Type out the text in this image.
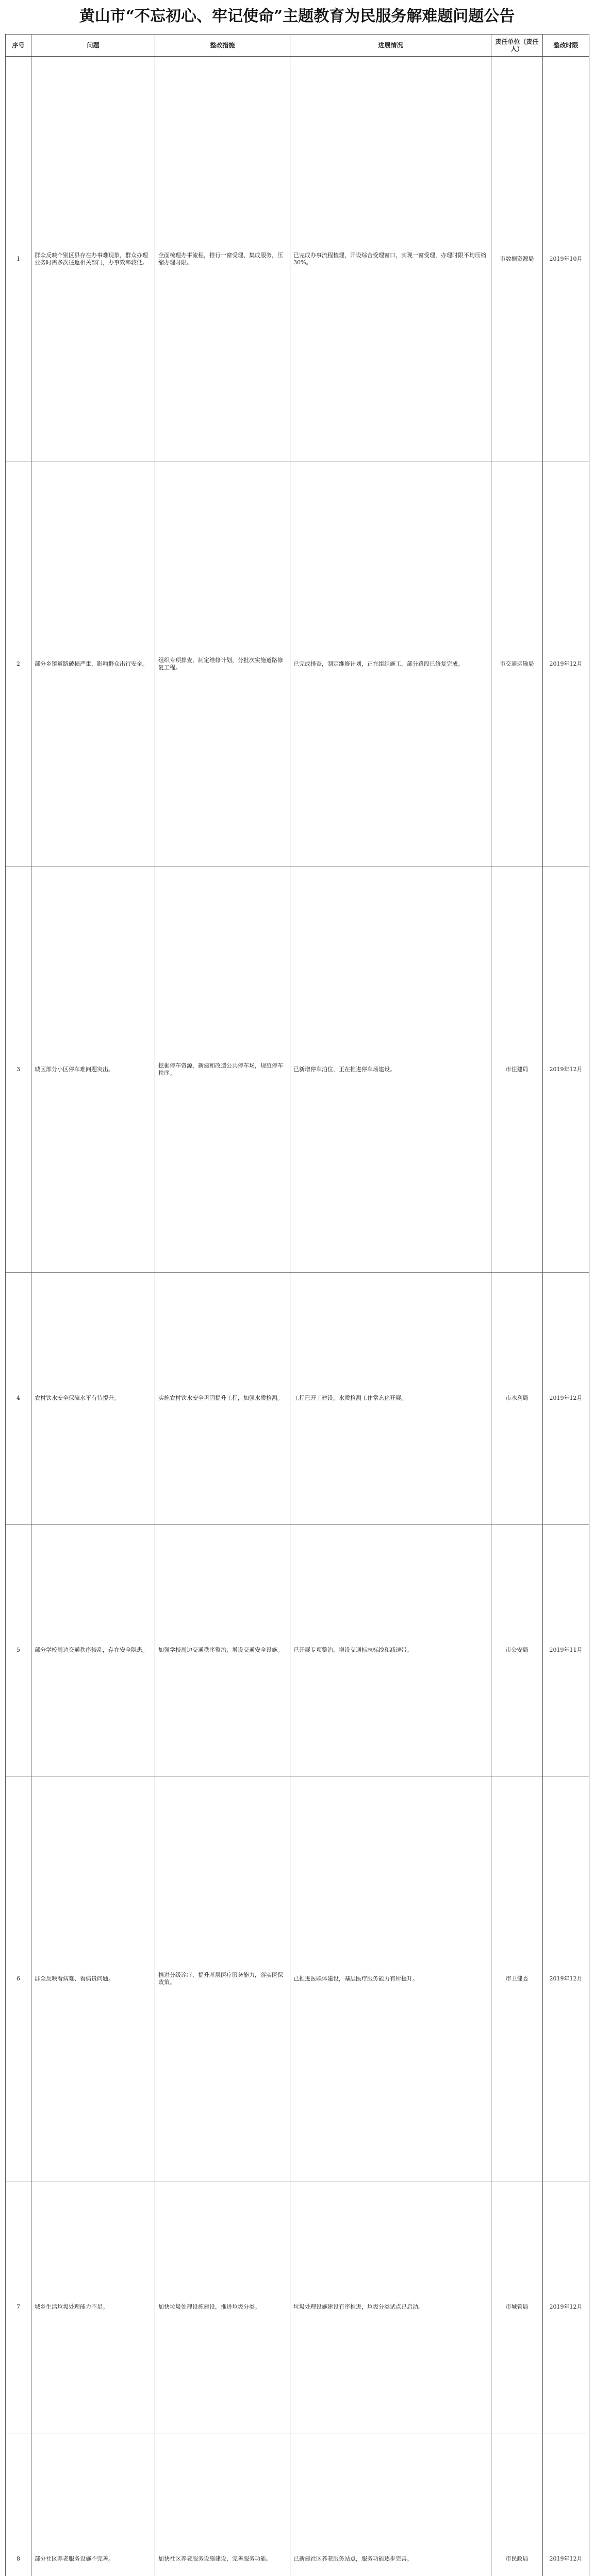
黄山市“不忘初心、牢记使命”主题教育为民服务解难题问题公告
序号	问题	整改措施	进展情况	责任单位（责任人）	整改时限
1	群众反映个别区县存在办事难现象，群众办理业务时需多次往返相关部门，办事效率较低。	全面梳理办事流程，推行一窗受理、集成服务，压缩办理时限。	已完成办事流程梳理，开设综合受理窗口，实现一窗受理，办理时限平均压缩30%。	市数据资源局	2019年10月
2	部分乡镇道路破损严重，影响群众出行安全。	组织专项排查，制定维修计划，分批次实施道路修复工程。	已完成排查，制定维修计划，正在组织施工，部分路段已修复完成。	市交通运输局	2019年12月
3	城区部分小区停车难问题突出。	挖掘停车资源，新建和改造公共停车场，规范停车秩序。	已新增停车泊位，正在推进停车场建设。	市住建局	2019年12月
4	农村饮水安全保障水平有待提升。	实施农村饮水安全巩固提升工程，加强水质检测。	工程已开工建设，水质检测工作常态化开展。	市水利局	2019年12月
5	部分学校周边交通秩序较乱，存在安全隐患。	加强学校周边交通秩序整治，增设交通安全设施。	已开展专项整治，增设交通标志标线和减速带。	市公安局	2019年11月
6	群众反映看病难、看病贵问题。	推进分级诊疗，提升基层医疗服务能力，落实医保政策。	已推进医联体建设，基层医疗服务能力有所提升。	市卫健委	2019年12月
7	城乡生活垃圾处理能力不足。	加快垃圾处理设施建设，推进垃圾分类。	垃圾处理设施建设有序推进，垃圾分类试点已启动。	市城管局	2019年12月
8	部分社区养老服务设施不完善。	加快社区养老服务设施建设，完善服务功能。	已新建社区养老服务站点，服务功能逐步完善。	市民政局	2019年12月
